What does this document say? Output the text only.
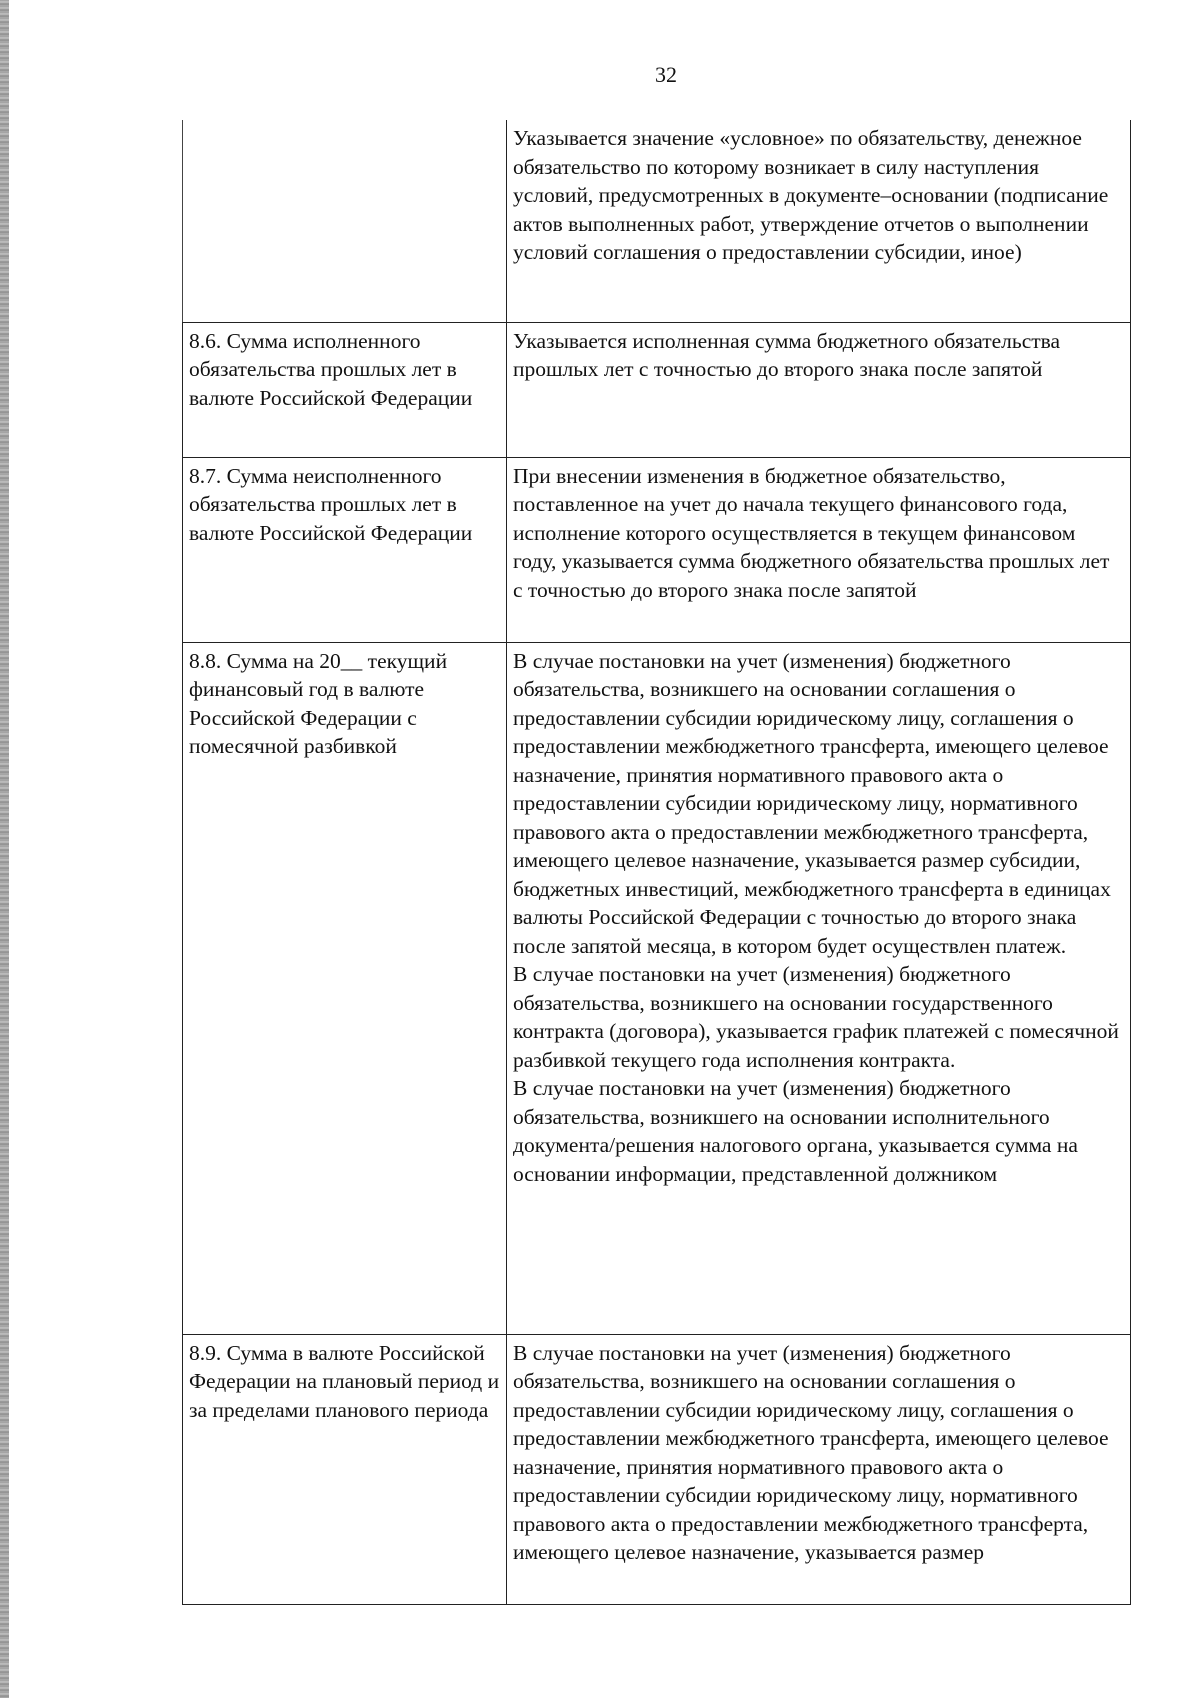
32

	Указывается значение «условное» по обязательству, денежное обязательство по которому возникает в силу наступления условий, предусмотренных в документе–основании (подписание актов выполненных работ, утверждение отчетов о выполнении условий соглашения о предоставлении субсидии, иное)

8.6. Сумма исполненного обязательства прошлых лет в валюте Российской Федерации	Указывается исполненная сумма бюджетного обязательства прошлых лет с точностью до второго знака после запятой

8.7. Сумма неисполненного обязательства прошлых лет в валюте Российской Федерации	При внесении изменения в бюджетное обязательство, поставленное на учет до начала текущего финансового года, исполнение которого осуществляется в текущем финансовом году, указывается сумма бюджетного обязательства прошлых лет с точностью до второго знака после запятой

8.8. Сумма на 20__ текущий финансовый год в валюте Российской Федерации с помесячной разбивкой	В случае постановки на учет (изменения) бюджетного обязательства, возникшего на основании соглашения о предоставлении субсидии юридическому лицу, соглашения о предоставлении межбюджетного трансферта, имеющего целевое назначение, принятия нормативного правового акта о предоставлении субсидии юридическому лицу, нормативного правового акта о предоставлении межбюджетного трансферта, имеющего целевое назначение, указывается размер субсидии, бюджетных инвестиций, межбюджетного трансферта в единицах валюты Российской Федерации с точностью до второго знака после запятой месяца, в котором будет осуществлен платеж.
В случае постановки на учет (изменения) бюджетного обязательства, возникшего на основании государственного контракта (договора), указывается график платежей с помесячной разбивкой текущего года исполнения контракта.
В случае постановки на учет (изменения) бюджетного обязательства, возникшего на основании исполнительного документа/решения налогового органа, указывается сумма на основании информации, представленной должником

8.9. Сумма в валюте Российской Федерации на плановый период и за пределами планового периода	В случае постановки на учет (изменения) бюджетного обязательства, возникшего на основании соглашения о предоставлении субсидии юридическому лицу, соглашения о предоставлении межбюджетного трансферта, имеющего целевое назначение, принятия нормативного правового акта о предоставлении субсидии юридическому лицу, нормативного правового акта о предоставлении межбюджетного трансферта, имеющего целевое назначение, указывается размер
